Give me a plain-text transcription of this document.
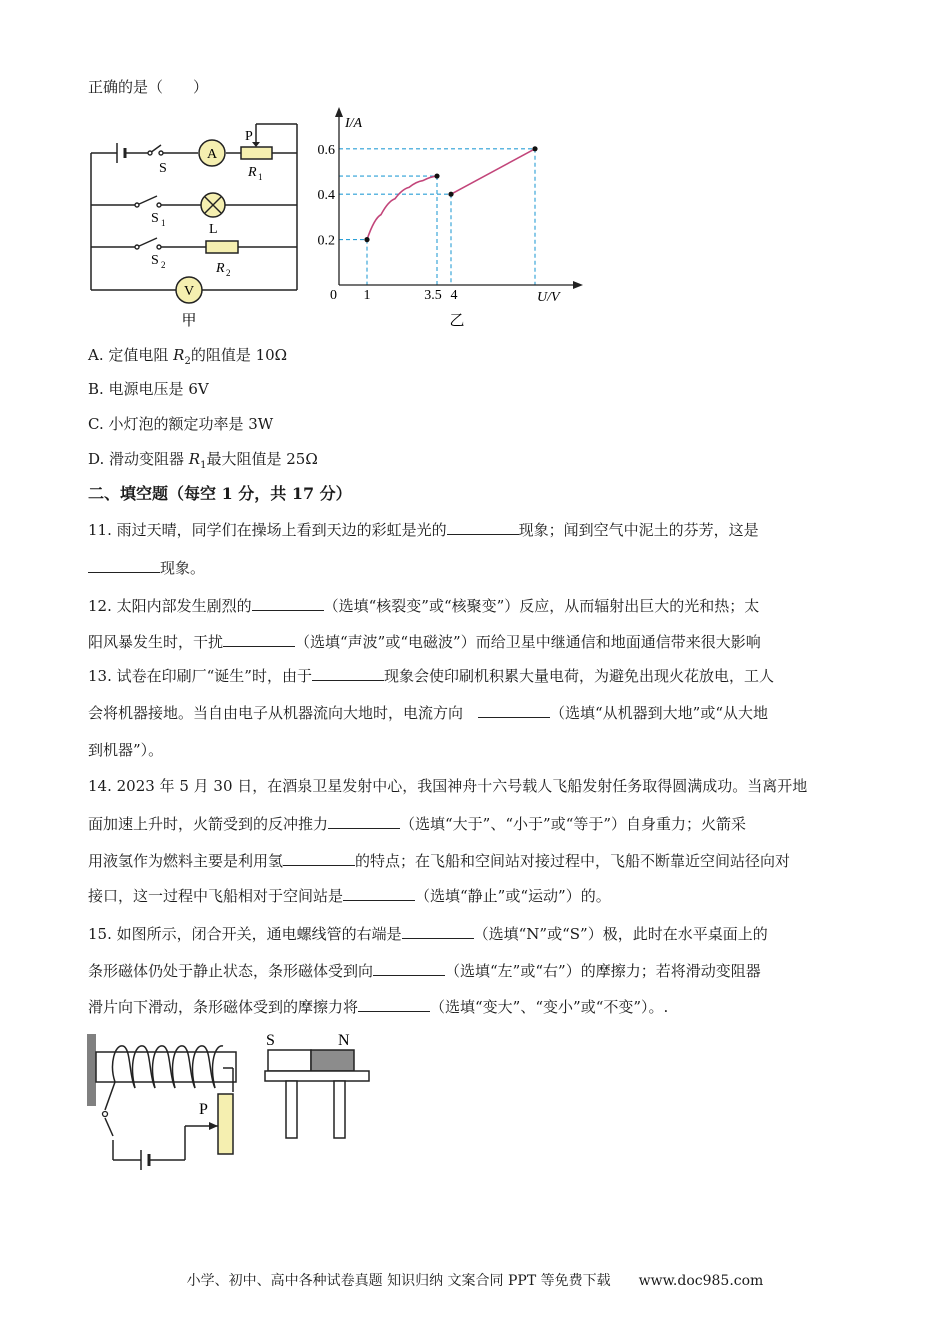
正确的是（　　）
A
P
R 1
S
L
S 1
R 2
S 2
V
甲
I/A
U/V
0
0.2
0.4
0.6
1	3.5 4
乙
A. 定值电阻 $R_2$的阻值是 10Ω
B. 电源电压是 6V
C. 小灯泡的额定功率是 3W
D. 滑动变阻器 $R_1$最大阻值是 25Ω
二、填空题（每空 1 分，共 17 分）
11. 雨过天晴，同学们在操场上看到天边的彩虹是光的	现象；闻到空气中泥土的芬芳，这是
现象。
12. 太阳内部发生剧烈的	（选填“核裂变”或“核聚变”）反应，从而辐射出巨大的光和热；太
阳风暴发生时，干扰	（选填“声波”或“电磁波”）而给卫星中继通信和地面通信带来很大影响
13. 试卷在印刷厂“诞生”时，由于	现象会使印刷机积累大量电荷，为避免出现火花放电，工人
会将机器接地。当自由电子从机器流向大地时，电流方向　	（选填“从机器到大地”或“从大地
到机器”）。
14. 2023 年 5 月 30 日，在酒泉卫星发射中心，我国神舟十六号载人飞船发射任务取得圆满成功。当离开地
面加速上升时，火箭受到的反冲推力	（选填“大于”、“小于”或“等于”）自身重力；火箭采
用液氢作为燃料主要是利用氢	的特点；在飞船和空间站对接过程中，飞船不断靠近空间站径向对
接口，这一过程中飞船相对于空间站是	（选填“静止”或“运动”）的。
15. 如图所示，闭合开关，通电螺线管的右端是	（选填“N”或“S”）极，此时在水平桌面上的
条形磁体仍处于静止状态，条形磁体受到向	（选填“左”或“右”）的摩擦力；若将滑动变阻器
滑片向下滑动，条形磁体受到的摩擦力将	（选填“变大”、“变小”或“不变”）。.
P
S	N
小学、初中、高中各种试卷真题 知识归纳 文案合同 PPT 等免费下载　　www.doc985.com
